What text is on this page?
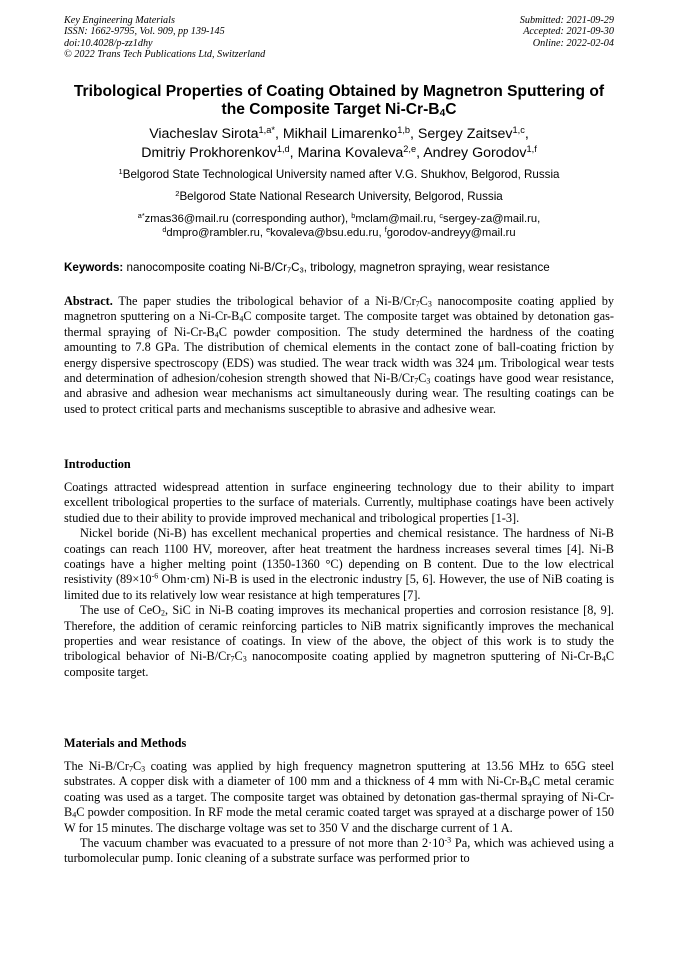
Key Engineering Materials
ISSN: 1662-9795, Vol. 909, pp 139-145
doi:10.4028/p-zz1dhy
© 2022 Trans Tech Publications Ltd, Switzerland
Submitted: 2021-09-29
Accepted: 2021-09-30
Online: 2022-02-04
Tribological Properties of Coating Obtained by Magnetron Sputtering of
the Composite Target $Ni-Cr-B_4C$
Viacheslav Sirota$^{1,a*}$, Mikhail Limarenko$^{1,b}$, Sergey Zaitsev$^{1,c}$,
Dmitriy Prokhorenkov$^{1,d}$, Marina Kovaleva$^{2,e}$, Andrey Gorodov$^{1,f}$
$^1$Belgorod State Technological University named after V.G. Shukhov, Belgorod, Russia
$^2$Belgorod State National Research University, Belgorod, Russia
$^{a*}$zmas36@mail.ru (corresponding author), $^b$mclam@mail.ru, $^c$sergey-za@mail.ru,
$^d$dmpro@rambler.ru, $^e$kovaleva@bsu.edu.ru, $^f$gorodov-andreyy@mail.ru
Keywords: nanocomposite coating $Ni-B/Cr_7C_3$, tribology, magnetron spraying, wear resistance

Abstract. The paper studies the tribological behavior of a $Ni-B/Cr_7C_3$ nanocomposite coating applied by magnetron sputtering on a $Ni-Cr-B_4C$ composite target. The composite target was obtained by detonation gas-thermal spraying of $Ni-Cr-B_4C$ powder composition. The study determined the hardness of the coating amounting to 7.8 GPa. The distribution of chemical elements in the contact zone of ball-coating friction by energy dispersive spectroscopy (EDS) was studied. The wear track width was 324 μm. Tribological wear tests and determination of adhesion/cohesion strength showed that $Ni-B/Cr_7C_3$ coatings have good wear resistance, and abrasive and adhesion wear mechanisms act simultaneously during wear. The resulting coatings can be used to protect critical parts and mechanisms susceptible to abrasive and adhesive wear.

Introduction

Coatings attracted widespread attention in surface engineering technology due to their ability to impart excellent tribological properties to the surface of materials. Currently, multiphase coatings have been actively studied due to their ability to provide improved mechanical and tribological properties [1-3].

Nickel boride (Ni-B) has excellent mechanical properties and chemical resistance. The hardness of Ni-B coatings can reach 1100 HV, moreover, after heat treatment the hardness increases several times [4]. Ni-B coatings have a higher melting point (1350-1360 °C) depending on B content. Due to the low electrical resistivity ($89\times 10^{-6}$ Ohm·cm) Ni-B is used in the electronic industry [5, 6]. However, the use of NiB coating is limited due to its relatively low wear resistance at high temperatures [7].

The use of CeO$_2$, SiC in Ni-B coating improves its mechanical properties and corrosion resistance [8, 9]. Therefore, the addition of ceramic reinforcing particles to NiB matrix significantly improves the mechanical properties and wear resistance of coatings. In view of the above, the object of this work is to study the tribological behavior of $Ni-B/Cr_7C_3$ nanocomposite coating applied by magnetron sputtering of $Ni-Cr-B_4C$ composite target.

Materials and Methods

The $Ni-B/Cr_7C_3$ coating was applied by high frequency magnetron sputtering at 13.56 MHz to 65G steel substrates. A copper disk with a diameter of 100 mm and a thickness of 4 mm with $Ni-Cr-B_4C$ metal ceramic coating was used as a target. The composite target was obtained by detonation gas-thermal spraying of $Ni-Cr-B_4C$ powder composition. In RF mode the metal ceramic coated target was sprayed at a discharge power of 150 W for 15 minutes. The discharge voltage was set to 350 V and the discharge current of 1 A.

The vacuum chamber was evacuated to a pressure of not more than $2\cdot 10^{-3}$ Pa, which was achieved using a turbomolecular pump. Ionic cleaning of a substrate surface was performed prior to
